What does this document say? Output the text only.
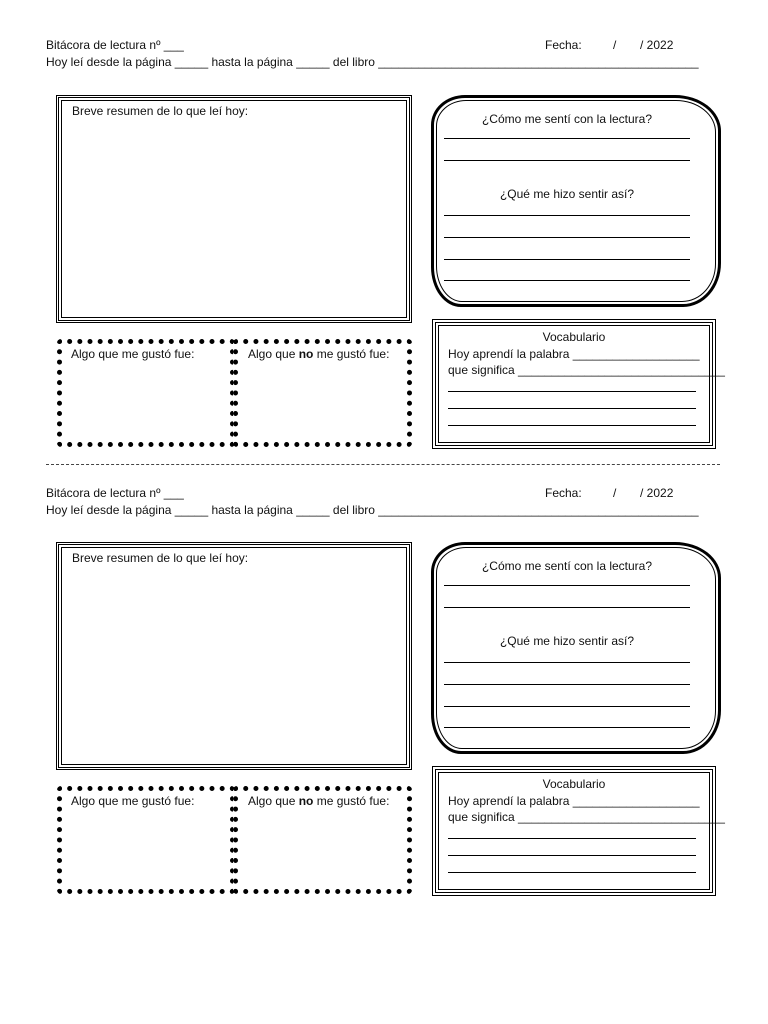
Bitácora de lectura nº ___	Fecha:	/ / 2022
Hoy leí desde la página _____ hasta la página _____ del libro ________________________________________________
Breve resumen de lo que leí hoy:
¿Cómo me sentí con la lectura?
¿Qué me hizo sentir así?
Algo que me gustó fue:	Algo que no me gustó fue:
Vocabulario
Hoy aprendí la palabra ___________________
que significa _______________________________
Bitácora de lectura nº ___	Fecha:	/ / 2022
Hoy leí desde la página _____ hasta la página _____ del libro ________________________________________________
Breve resumen de lo que leí hoy:
¿Cómo me sentí con la lectura?
¿Qué me hizo sentir así?
Algo que me gustó fue:	Algo que no me gustó fue:
Vocabulario
Hoy aprendí la palabra ___________________
que significa _______________________________
